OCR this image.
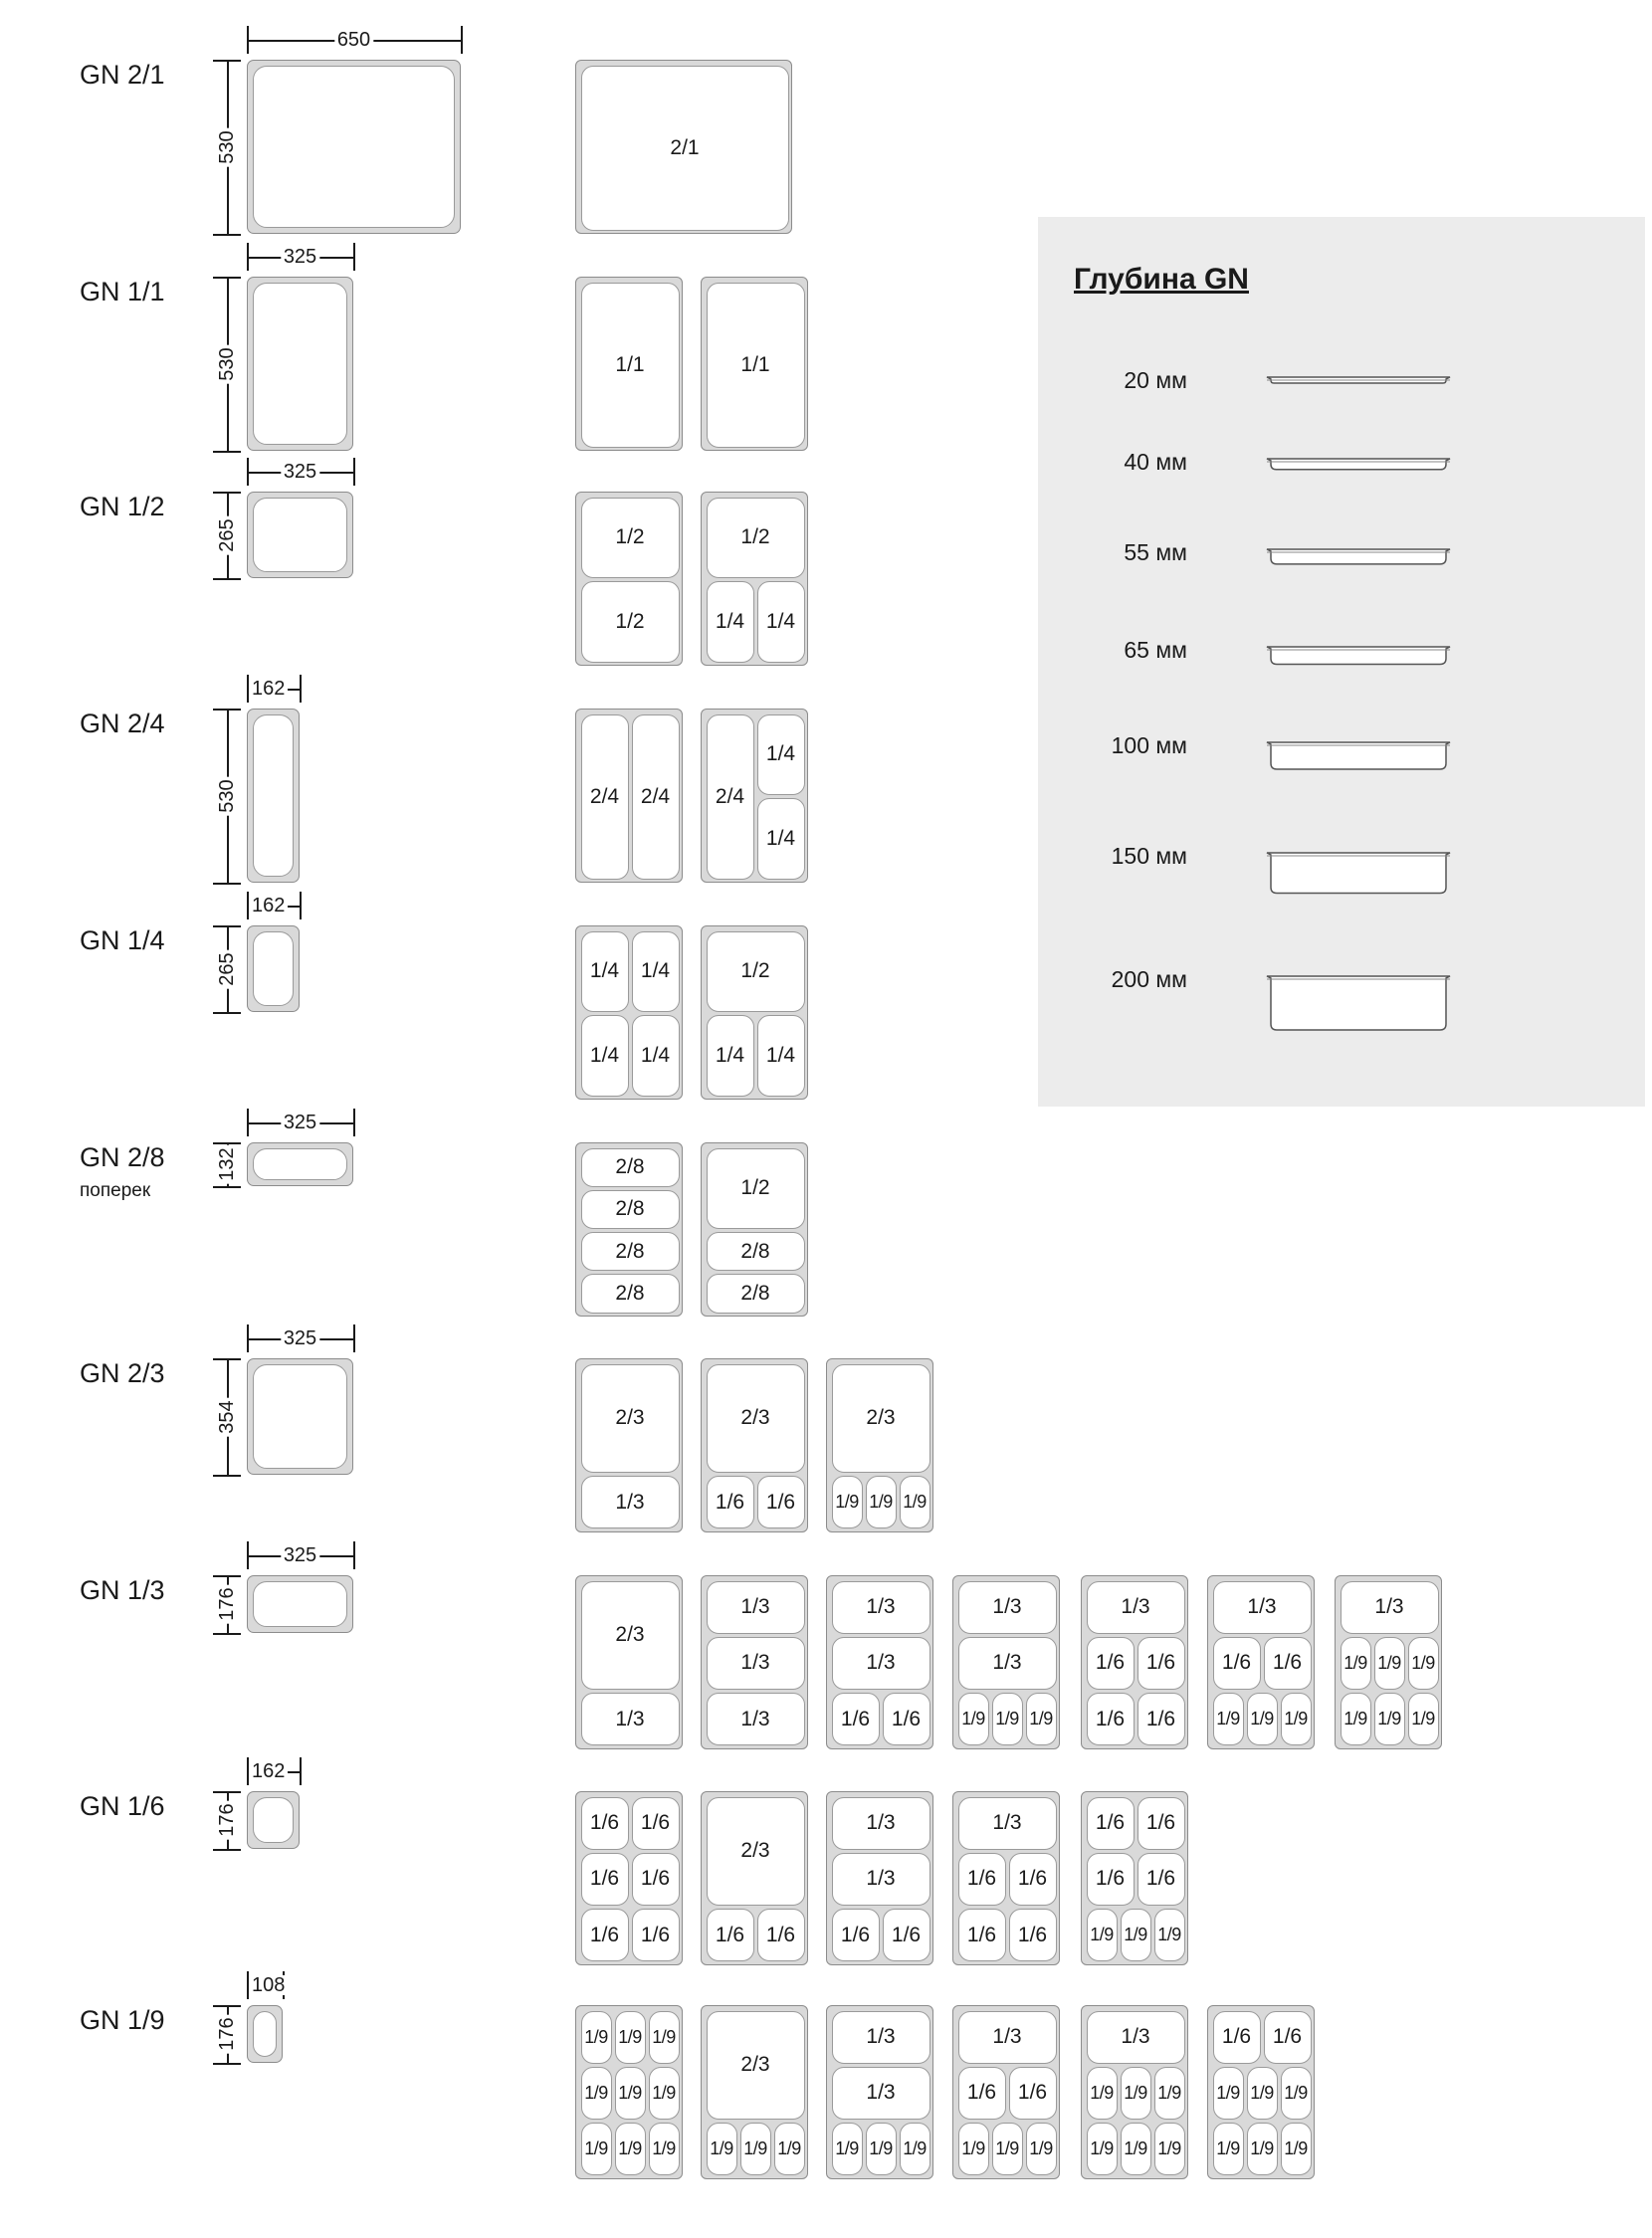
GN 2/1
650
530	2/1
GN 1/1
325
530	1/1	1/1
GN 1/2
325
265	1/2
1/2
1/2
1/4	1/4
GN 2/4
162
530	2/4	2/4	2/4
1/4
1/4
GN 1/4
162
265	1/4	1/4
1/4	1/4
1/2
1/4	1/4
GN 2/8
поперек
325
132	2/8
2/8
2/8
2/8
1/2
2/8
2/8
GN 2/3
325
354	2/3
1/3
2/3
1/6	1/6
2/3
1/9 1/9 1/9
GN 1/3
325
176
2/3
1/3
1/3
1/3
1/3
1/3
1/3
1/6	1/6
1/3
1/3
1/9 1/9 1/9
1/3
1/6	1/6
1/6	1/6
1/3
1/6	1/6
1/9 1/9 1/9
1/3
1/9 1/9 1/9
1/9 1/9 1/9
GN 1/6
162
176	1/6	1/6
1/6	1/6
1/6	1/6
2/3
1/6	1/6
1/3
1/3
1/6	1/6
1/3
1/6	1/6
1/6	1/6
1/6	1/6
1/6	1/6
1/9 1/9 1/9
GN 1/9
108
176	1/9 1/9 1/9
1/9 1/9 1/9
1/9 1/9 1/9
2/3
1/9 1/9 1/9
1/3
1/3
1/9 1/9 1/9
1/3
1/6	1/6
1/9 1/9 1/9
1/3
1/9 1/9 1/9
1/9 1/9 1/9
1/6	1/6
1/9 1/9 1/9
1/9 1/9 1/9
Глубина GN
20 мм
40 мм
55 мм
65 мм
100 мм
150 мм
200 мм
